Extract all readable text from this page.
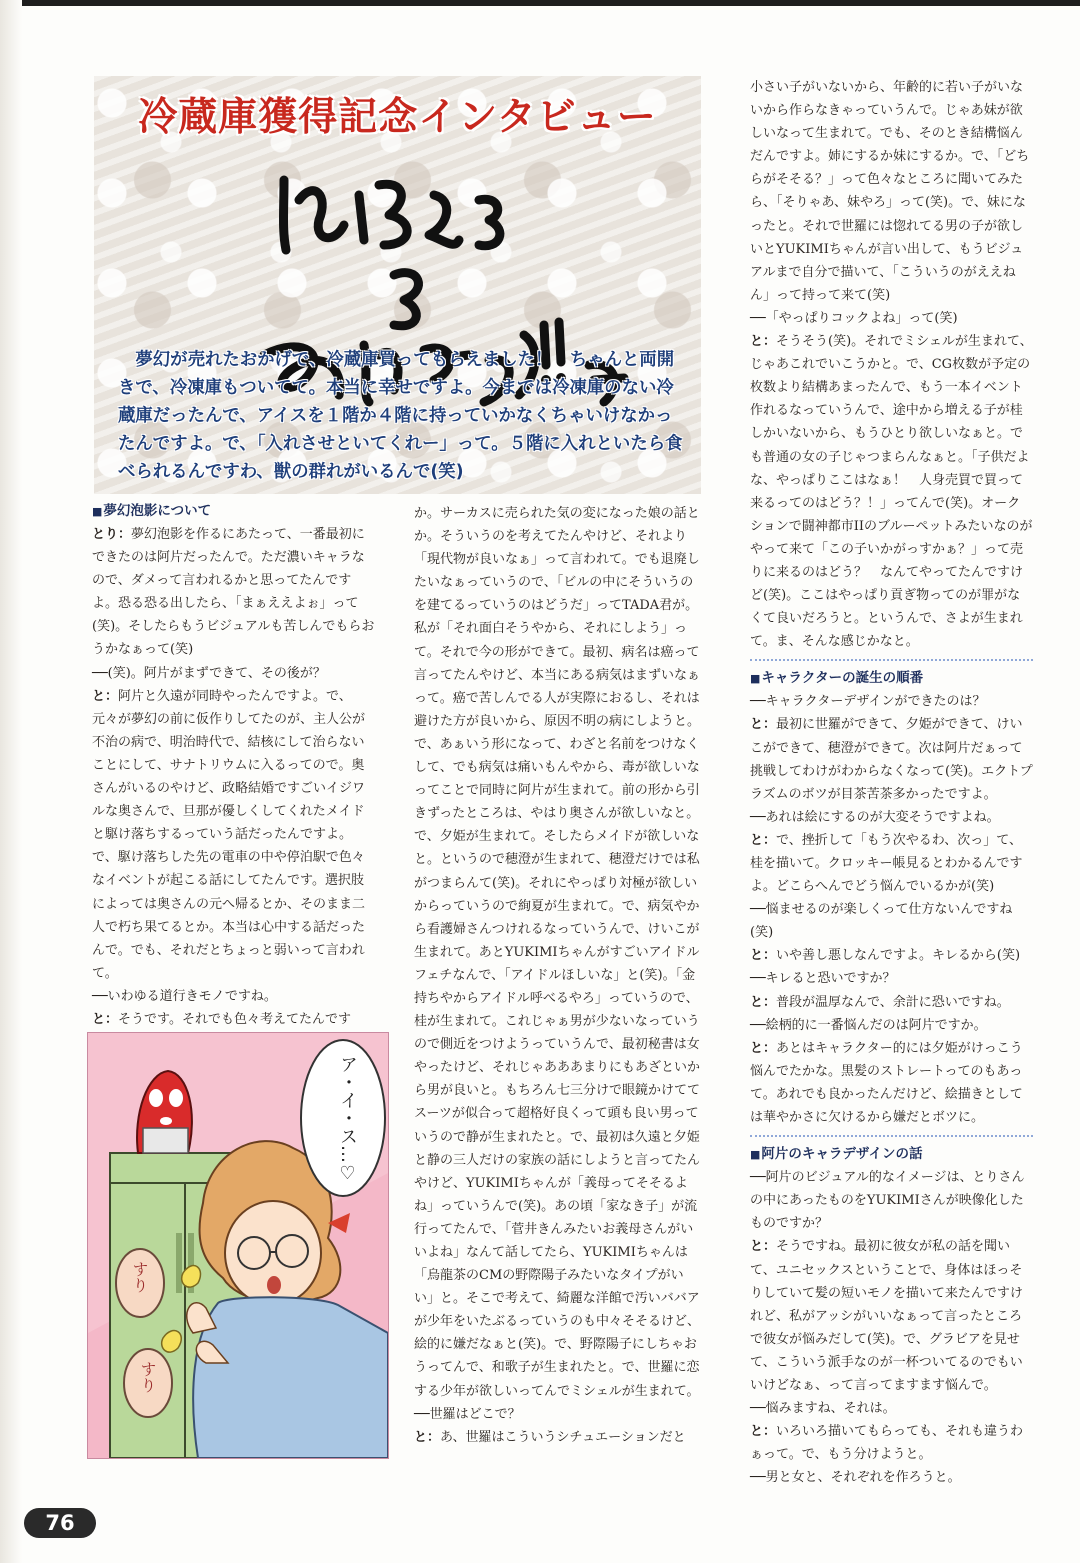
冷蔵庫獲得記念インタビュー
夢幻が売れたおかげで、冷蔵庫買ってもらえました！　ちゃんと両開きで、冷凍庫もついてて。本当に幸せですよ。今までは冷凍庫のない冷蔵庫だったんで、アイスを１階か４階に持っていかなくちゃいけなかったんですよ。で、「入れさせといてくれー」って。５階に入れといたら食べられるんですわ、獣の群れがいるんで(笑)
■ 夢幻泡影について

とり：夢幻泡影を作るにあたって、一番最初にできたのは阿片だったんで。ただ濃いキャラなので、ダメって言われるかと思ってたんですよ。恐る恐る出したら、「まぁええよぉ」って(笑)。そしたらもうビジュアルも苦しんでもらおうかなぁって(笑)

──(笑)。阿片がまずできて、その後が？

と：阿片と久遠が同時やったんですよ。で、元々が夢幻の前に仮作りしてたのが、主人公が不治の病で、明治時代で、結核にして治らないことにして、サナトリウムに入るってので。奥さんがいるのやけど、政略結婚ですごいイジワルな奥さんで、旦那が優しくしてくれたメイドと駆け落ちするっていう話だったんですよ。で、駆け落ちした先の電車の中や停泊駅で色々なイベントが起こる話にしてたんです。選択肢によっては奥さんの元へ帰るとか、そのまま二人で朽ち果てるとか。本当は心中する話だったんで。でも、それだとちょっと弱いって言われて。

──いわゆる道行きモノですね。

と：そうです。それでも色々考えてたんです

か。サーカスに売られた気の変になった娘の話とか。そういうのを考えてたんやけど、それより「現代物が良いなぁ」って言われて。でも退廃したいなぁっていうので、「ビルの中にそういうのを建てるっていうのはどうだ」ってTADA君が。私が「それ面白そうやから、それにしよう」って。それで今の形ができて。最初、病名は癌って言ってたんやけど、本当にある病気はまずいなぁって。癌で苦しんでる人が実際におるし、それは避けた方が良いから、原因不明の病にしようと。で、あぁいう形になって、わざと名前をつけなくして、でも病気は痛いもんやから、毒が欲しいなってことで同時に阿片が生まれて。前の形から引きずったところは、やはり奥さんが欲しいなと。で、夕姫が生まれて。そしたらメイドが欲しいなと。というので穂澄が生まれて、穂澄だけでは私がつまらんて(笑)。それにやっぱり対極が欲しいからっていうので絢夏が生まれて。で、病気やから看護婦さんつけれるなっていうんで、けいこが生まれて。あとYUKIMIちゃんがすごいアイドルフェチなんで、「アイドルほしいな」と(笑)。「金持ちやからアイドル呼べるやろ」っていうので、桂が生まれて。これじゃぁ男が少ないなっていうので側近をつけようっていうんで、最初秘書は女やったけど、それじゃあああまりにもあざといから男が良いと。もちろん七三分けで眼鏡かけててスーツが似合って超格好良くって頭も良い男っていうので静が生まれたと。で、最初は久遠と夕姫と静の三人だけの家族の話にしようと言ってたんやけど、YUKIMIちゃんが「義母ってそそるよね」っていうんで(笑)。あの頃「家なき子」が流行ってたんで、「菅井きんみたいお義母さんがいいよね」なんて話してたら、YUKIMIちゃんは「烏龍茶のCMの野際陽子みたいなタイプがいい」と。そこで考えて、綺麗な洋館で汚いババアが少年をいたぶるっていうのも中々そそるけど、絵的に嫌だなぁと(笑)。で、野際陽子にしちゃおうってんで、和歌子が生まれたと。で、世羅に恋する少年が欲しいってんでミシェルが生まれて。

──世羅はどこで？

と：あ、世羅はこういうシチュエーションだと

小さい子がいないから、年齢的に若い子がいないから作らなきゃっていうんで。じゃあ妹が欲しいなって生まれて。でも、そのとき結構悩んだんですよ。姉にするか妹にするか。で、「どちらがそそる？」って色々なところに聞いてみたら、「そりゃあ、妹やろ」って(笑)。で、妹になったと。それで世羅には惚れてる男の子が欲しいとYUKIMIちゃんが言い出して、もうビジュアルまで自分で描いて、「こういうのがええねん」って持って来て(笑)

──「やっぱりコックよね」って(笑)

と：そうそう(笑)。それでミシェルが生まれて、じゃあこれでいこうかと。で、CG枚数が予定の枚数より結構あまったんで、もう一本イベント作れるなっていうんで、途中から増える子が桂しかいないから、もうひとり欲しいなぁと。でも普通の女の子じゃつまらんなぁと。「子供だよな、やっぱりここはなぁ！　人身売買で買って来るってのはどう？！」ってんで(笑)。オークションで闘神都市IIのブルーペットみたいなのがやって来て「この子いかがっすかぁ？」って売りに来るのはどう？　なんてやってたんですけど(笑)。ここはやっぱり貢ぎ物ってのが罪がなくて良いだろうと。というんで、さよが生まれて。ま、そんな感じかなと。

■ キャラクターの誕生の順番

──キャラクターデザインができたのは？

と：最初に世羅ができて、夕姫ができて、けいこができて、穂澄ができて。次は阿片だぁって挑戦してわけがわからなくなって(笑)。エクトプラズムのボツが目茶苦茶多かったですよ。

──あれは絵にするのが大変そうですよね。

と：で、挫折して「もう次やるわ、次っ」て、桂を描いて。クロッキー帳見るとわかるんですよ。どこらへんでどう悩んでいるかが(笑)

──悩ませるのが楽しくって仕方ないんですね(笑)

と：いや善し悪しなんですよ。キレるから(笑)

──キレると恐いですか？

と：普段が温厚なんで、余計に恐いですね。

──絵柄的に一番悩んだのは阿片ですか。

と：あとはキャラクター的には夕姫がけっこう悩んでたかな。黒髪のストレートってのもあって。あれでも良かったんだけど、絵描きとしては華やかさに欠けるから嫌だとボツに。

■ 阿片のキャラデザインの話

──阿片のビジュアル的なイメージは、とりさんの中にあったものをYUKIMIさんが映像化したものですか？

と：そうですね。最初に彼女が私の話を聞いて、ユニセックスということで、身体はほっそりしていて髪の短いモノを描いて来たんですけれど、私がアッシがいいなぁって言ったところで彼女が悩みだして(笑)。で、グラビアを見せて、こういう派手なのが一杯ついてるのでもいいけどなぁ、って言ってますます悩んで。

──悩みますね、それは。

と：いろいろ描いてもらっても、それも違うわぁって。で、もう分けようと。

──男と女と、それぞれを作ろうと。

ア・イ・ス…♡
すり
すり
76
